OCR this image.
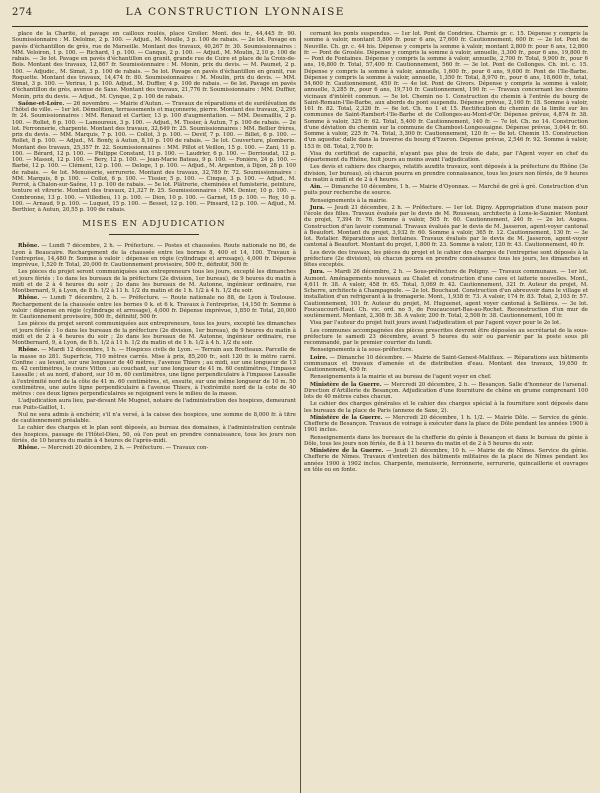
274	LA CONSTRUCTION LYONNAISE

place de la Charité, et pavage en cailloux roulés, place Grolier. Mont. des tr., 44,445 fr. 90. Soumissionnaire : M. Delolme, 2 p. 100. — Adjud., M. Moulle, 3 p. 100 de rabais. — 2e lot. Pavage en pavés d'échantillon de grès, rue de Marseille. Montant des travaux, 40,267 fr. 30. Soumissionnaires : MM. Veloiron, 1 p. 100. — Richard, 1 p. 100. — Canque, 2 p. 100. — Adjud., M. Moulin, 2,10 p. 100 de rabais. — 3e lot. Pavage en pavés d'échantillon en granit, grande rue de Cuire et place de la Croix-de-Bois. Montant des travaux, 12,867 fr. Soumissionnaire : M. Monin, prix du devis. — M. Paumet, 2 p. 100. — Adjudic., M. Simat, 3 p. 100 de rabais. — 5e lot. Pavage en pavés d'échantillon en granit, rue Roquette. Montant des travaux, 14,474 fr. 80. Soumissionnaires : M. Moulin, prix du devis. — MM. Simat, 3 p. 100. — Veriras, 1 p. 100. Adjud., M. Duffier, 4 p. 100 de rabais. — 6e lot. Pavage en pavés d'échantillon de grès, avenue de Saxe. Montant des travaux, 21,776 fr. Soumissionnaire : MM. Duffier, Monin, prix du devis. — Adjud., M. Cynque, 2 p. 100 de rabais.

Saône-et-Loire. — 26 novembre. — Mairie d'Autun. — Travaux de réparations et de surélévation de l'hôtel de ville. — 1er lot. Démolition, terrassements et maçonnerie, pierre. Montant des travaux, 2,295 fr. 24. Soumissionnaires : MM. Renaud et Cartier, 13 p. 100 d'augmentation. — MM. Desmaillis, 2 p. 100. — Rollet, 6 p. 100. — Lamoureux, 3 p. 100. — Adjud., M. Tissier, à Autun, 7 p. 100 de rabais. — 2e lot. Ferronnerie, charpente. Montant des travaux, 32,649 fr. 25. Soumissionnaires : MM. Bellier frères, prix du devis. — MM. Marquis, 7 p. 100. — Collot, 3 p. 100. — Devif, 7 p. 100. — Billet, 6 p. 100. — Rollet, 8 p. 100. — Adjud., M. Bonfy, à Autun, 8,10 p. 100 de rabais. — 3e lot. Couverture, plomberie. Montant des travaux, 25,357 fr. 22. Soumissionnaires : MM. Pillot et Veillon, 15 p. 100. — Zani, 11 p. 100. — Bérard, 12 p. 100. — Philippe Constant, 11 p. 100. — Laudrier, 6 p. 100. — Derrioudat, 12 p. 100. — Massot, 12 p. 100. — Bery, 12 p. 100. — Jean-Marie Bateau, 9 p. 100. — Fonière, 24 p. 100. — Barbé, 12 p. 100. — Clément, 12 p. 100. — Deloge, 1 p. 100. — Adjud., M. Argenton, à Dijon, 28 p. 100 de rabais. — 4e lot. Menuiserie, serrurerie. Montant des travaux, 32,789 fr. 72. Soumissionnaires : MM. Marquis, 8 p. 100. — Collot, 6 p. 100. — Tissier, 5 p. 100. — Cinque, 3 p. 100. — Adjud., M. Perrot, à Chalon-sur-Saône, 11 p. 100 de rabais. — 5e lot. Plâtrerie, cheminées et fumisterie, peinture, tenture et vitrerie. Montant des travaux, 21,327 fr. 25. Soumissionnaires : MM. Denier, 10 p. 100. — Combronne, 13 p. 100. — Villedieu, 11 p. 100. — Dion, 10 p. 100. — Garnet, 15 p. 100. — Roy, 10 p. 100. — Arnaud, 9 p. 100. — Luquet, 15 p. 100. — Besset, 12 p. 100. — Pinsard, 12 p. 100. — Adjud., M. Berthier, à Autun, 20,55 p. 100 de rabais.

MISES EN ADJUDICATION

Rhône. — Lundi 7 décembre, 2 h. — Préfecture. — Postes et chaussées. Route nationale no 86, de Lyon à Beaucaire. Rechargement de la chaussée entre les bornes 8, 400 et 14, 100. Travaux à l'entreprise, 14,480 fr. Somme à valoir : dépense en régie (cylindrage et arrosage), 4,000 fr. Dépense imprévue, 1,520 fr. Total, 20,000 fr. Cautionnement provisoire, 500 fr., définitif, 500 fr.

Les pièces du projet seront communiquées aux entrepreneurs tous les jours, excepté les dimanches et jours fériés : 1o dans les bureaux de la préfecture (2e division, 1er bureau), de 9 heures du matin à midi et de 2 à 4 heures du soir ; 2o dans les bureaux de M. Autonne, ingénieur ordinaire, rue Montbernard, 9, à Lyon, de 8 h. 1/2 à 11 h. 1/2 du matin et de 1 h. 1/2 à 4 h. 1/2 du soir.

Rhône. — Lundi 7 décembre, 2 h. — Préfecture. — Route nationale no 88, de Lyon à Toulouse. Rechargement de la chaussée entre les bornes 0 k. et 6 k. Travaux à l'entreprise, 14,150 fr. Somme à valoir : dépense en régie (cylindrage et arrosage), 4,000 fr. Dépense imprévue, 1,850 fr. Total, 20,000 fr. Cautionnement provisoire, 500 fr., définitif, 500 fr.

Les pièces du projet seront communiquées aux entrepreneurs, tous les jours, excepté les dimanches et jours fériés : 1o dans les bureaux de la préfecture (2e division, 1er bureau), de 9 heures du matin à midi et de 2 à 4 heures du soir ; 2o dans les bureaux de M. Autonne, ingénieur ordinaire, rue Montbernard, 9, à Lyon, de 8 h. 1/2 à 11 h. 1/2 du matin et de 1 h. 1/2 à 4 h. 1/2 du soir.

Rhône. — Mardi 12 décembre, 1 h. — Hospices civils de Lyon. — Terrain aux Brotteaux. Parcelle de la masse no 281. Superficie, 710 mètres carrés. Mise à prix, 85,200 fr., soit 120 fr. le mètre carré. Confine : au levant, sur une longueur de 40 mètres, l'avenue Thiers ; au midi, sur une longueur de 13 m. 42 centimètres, le cours Vitton ; au couchant, sur une longueur de 41 m. 60 centimètres, l'impasse Lassalle ; et au nord, d'abord, sur 10 m. 60 centimètres, une ligne perpendiculaire à l'impasse Lassalle à l'extrémité nord de la côte de 41 m. 60 centimètres, et, ensuite, sur une même longueur de 10 m. 50 centimètres, une autre ligne perpendiculaire à l'avenue Thiers, à l'extrémité nord de la cote de 40 mètres : ces deux lignes perpendiculaires se rejoignent vers le milieu de la masse.

L'adjudication aura lieu, par-devant Me Mugnet, notaire de l'administration des hospices, demeurant rue Puits-Gaillot, 1.

Nul ne sera admis à enchérir, s'il n'a versé, à la caisse des hospices, une somme de 8,000 fr. à titre de cautionnement préalable.

Le cahier des charges et le plan sont déposés, au bureau des domaines, à l'administration centrale des hospices, passage de l'Hôtel-Dieu, 50, où l'on peut en prendre connaissance, tous les jours non fériés, de 10 heures du matin à 4 heures de l'après-midi.

Rhône. — Mercredi 20 décembre, 2 h. — Préfecture. — Travaux con-

cernant les ponts suspendus. — 1er lot. Pont de Condrieu. Charnis gr. c. 15. Dépense y compris la somme à valoir, montant 5,800 fr. pour 6 ans, 27,600 fr. Cautionnement, 600 fr. — 2e lot. Pont de Neuville. Ch. gr. c. 44 bis. Dépense y compris la somme à valoir, montant 2,800 fr. pour 6 ans, 12,800 fr. — Pont de Groslée. Dépense y compris la somme à valoir, annuelle, 3,300 fr., pour 6 ans, 19,800 fr. — Pont de Fontaines. Dépense y compris la somme à valoir, annuelle, 2,700 fr. Total, 9,900 fr., pour 6 ans, 16,800 fr. Total, 57,400 fr. Cautionnement, 560 fr. — 3e lot. Pont de Collonges. Ch. int. c. 15. Dépense y compris la somme à valoir, annuelle, 1,600 fr., pour 6 ans, 9,600 fr. Pont de l'Ile-Barbe. Dépense y compris la somme à valoir, annuelle, 1,350 fr. Total, 8,970 fr., pour 6 ans, 18,600 fr., total, 54,600 fr. Cautionnement, 450 fr. — 4e lot. Pont de Givors. Dépense y compris la somme à valoir, annuelle, 3,285 fr., pour 6 ans, 19,710 fr. Cautionnement, 190 fr. — Travaux concernant les chemins vicinaux d'intérêt commun. — 5e lot. Chemin no 1. Construction du chemin à l'entrée du bourg de Saint-Romain-l'Ile-Barbe, aux abords du pont suspendu. Dépense prévue, 2,160 fr. 18. Somme à valoir, 161 fr. 82. Total, 2,326 fr. — 6e lot. Ch. no 1 et 15. Rectification du chemin de la limite sur les communes de Saint-Rambert-l'Ile-Barbe et de Collonges-au-Mont-d'Or. Dépense prévue, 4,874 fr. 38. Somme à valoir, 325 fr. 62. Total, 5,400 fr. Cautionnement, 140 fr. — 7e lot. Ch. no 14. Construction d'une déviation du chemin sur la commune de Chambost-Longessaigne. Dépense prévue, 3,044 fr. 60. Somme à valoir, 225 fr. 74. Total, 3,300 fr. Cautionnement, 120 fr. — 8e lot. Chemin 15. Construction d'un aqueduc dalle dans la traverse du bourg d'Yzeron. Dépense prévue, 2,546 fr. 92. Somme à valoir, 153 fr. 08. Total, 2,700 fr.

Visa du certificat de capacité, n'ayant pas plus de trois de date, par l'Agent voyer en chef du département du Rhône, huit jours au moins avant l'adjudication.

Les devis et cahiers des charges, relatifs auxdits travaux, sont déposés à la préfecture du Rhône (3e division, 1er bureau), où chacun pourra en prendre connaissance, tous les jours non fériés, de 9 heures du matin à midi et de 2 à 4 heures.

Ain. — Dimanche 10 décembre, 1 h. — Mairie d'Oyonnax. — Marché de gré à gré. Construction d'un puits pour recherche de source.

Renseignements à la mairie.

Jura. — Jeudi 21 décembre, 2 h. — Préfecture. — 1er lot. Digny. Appropriation d'une maison pour l'école des filles. Travaux évalués par le devis de M. Rousseau, architecte à Lons-le-Saunier. Montant du projet, 7,394 fr. 76. Somme à valoir, 505 fr. 60. Cautionnement, 240 fr. — 2e lot. Augea. Construction d'un lavoir communal. Travaux évalués par le devis de M. Jasseron, agent-voyer cantonal à Beaufort. Montant du projet, 3,932 fr. 60. Somme à valoir, 365 fr. 12. Cautionnement, 130 fr. — 3e lot. Rotalier. Réparations aux fontaines. Travaux évalués par le devis de M. Jasseron, agent-voyer cantonal à Beaufort. Montant du projet, 1,800 fr. 23. Somme à valoir, 120 fr. 43. Cautionnement, 40 fr.

Les devis des travaux, les pièces du projet et le cahier des charges de l'entreprise sont déposés à la préfecture (2e division), où chacun pourra en prendre connaissance tous les jours, les dimanches et fêtes exceptés.

Jura. — Mardi 26 décembre, 2 h. — Sous-préfecture de Poligny. — Travaux communaux. — 1er lot. Aumont. Aménagements nouveaux au Chalet et construction d'une cave et laiterie nouvelles. Mont., 4,611 fr. 38. A valoir, 458 fr. 65. Total, 5,069 fr. 42. Cautionnement, 321 fr. Auteur du projet, M. Scherre, architecte à Champagnole. — 2e lot. Bouchaud. Construction d'un abreuvoir dans le village et installation d'un refrigerant à la fromagerie. Mont., 1,938 fr. 73. A valoir, 174 fr. 83. Total, 2,103 fr. 57. Cautionnement, 101 fr. Auteur du projet, M. Huguenet, agent voyer cantonal à Sellières. — 3e lot. Foucaucourt-Haut. Ch. vic. ord. no 5, de Foucaucourt-Bas-au-Rochet. Reconstruction d'un mur de soutènement. Montant, 2,308 fr. 38. A valoir, 200 fr. Total, 2,508 fr. 38. Cautionnement, 100 fr.

Visa par l'auteur du projet huit jours avant l'adjudication et par l'agent voyer pour le 2e lot.

Les communes accompagnées des pièces prescrites devront être déposées au secrétariat de la sous-préfecture le samedi 23 décembre, avant 5 heures du soir ou parvenir par la poste sous pli recommandé, par le premier courrier du lundi.

Renseignements à la sous-préfecture.

Loire. — Dimanche 10 décembre. — Mairie de Saint-Genest-Malifaux. — Réparations aux bâtiments communaux et travaux d'amenée et de distribution d'eau. Montant des travaux, 19,650 fr. Cautionnement, 450 fr.

Renseignements à la mairie et au bureau de l'agent voyer en chef.

Ministère de la Guerre. — Mercredi 20 décembre, 2 h. — Besançon. Salle d'honneur de l'arsenal. Direction d'Artillerie de Besançon. Adjudication d'une fourniture de chêne en grume comprenant 100 lots de 40 mètres cubes chacun.

Le cahier des charges générales et le cahier des charges spécial à la fourniture sont déposés dans les bureaux de la place de Paris (annexe de Saxe, 2).

Ministère de la Guerre. — Mercredi 20 décembre, 1 h. 1/2. — Mairie Dôle. — Service du génie. Chefferie de Besançon. Travaux de voirage à exécuter dans la place de Dôle pendant les années 1900 à 1901 inclus.

Renseignements dans les bureaux de la chefferie du génie à Besançon et dans le bureau du génie à Dôle, tous les jours non fériés, de 8 à 11 heures du matin et de 2 à 5 heures du soir.

Ministère de la Guerre. — Jeudi 21 décembre, 10 h. — Mairie de de Nîmes. Service du génie. Chefferie de Nîmes. Travaux d'entretien des bâtiments militaires de la place de Nîmes pendant les années 1900 à 1902 inclus. Charpente, menuiserie, ferronnerie, serrurerie, quincaillerie et ouvrages en tôle ou en fonte.
